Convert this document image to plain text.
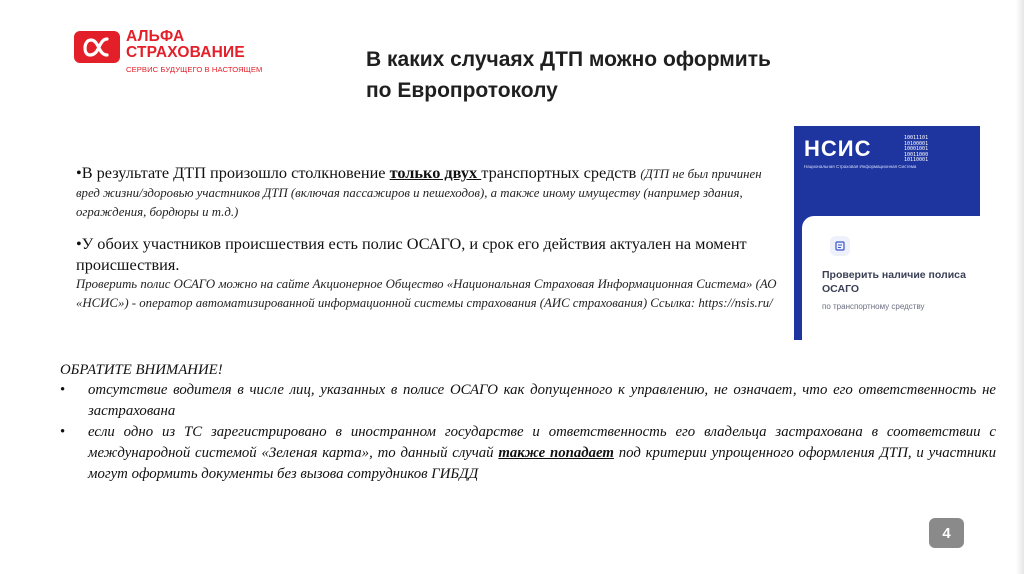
АЛЬФА
СТРАХОВАНИЕ
СЕРВИС БУДУЩЕГО В НАСТОЯЩЕМ	В каких случаях ДТП можно оформить
по Европротоколу
•В результате ДТП произошло столкновение только двух транспортных средств (ДТП не был причинен вред жизни/здоровью участников ДТП (включая пассажиров и пешеходов), а также иному имуществу (например здания, ограждения, бордюры и т.д.)
•У обоих участников происшествия есть полис ОСАГО, и срок его действия актуален на момент происшествия.
Проверить полис ОСАГО можно на сайте Акционерное Общество «Национальная Страховая Информационная Система» (АО «НСИС») - оператор автоматизированной информационной системы страхования (АИС страхования) Ссылка: https://nsis.ru/
НСИС	10011101
10100001
10001001
10011000
10110001
Национальная Страховая Информационная Система
Проверить наличие полиса ОСАГО
по транспортному средству
ОБРАТИТЕ ВНИМАНИЕ!
• отсутствие водителя в числе лиц, указанных в полисе ОСАГО как допущенного к управлению, не означает, что его ответственность не застрахована
• если одно из ТС зарегистрировано в иностранном государстве и ответственность его владельца застрахована в соответствии с международной системой «Зеленая карта», то данный случай также попадает под критерии упрощенного оформления ДТП, и участники могут оформить документы без вызова сотрудников ГИБДД
4
